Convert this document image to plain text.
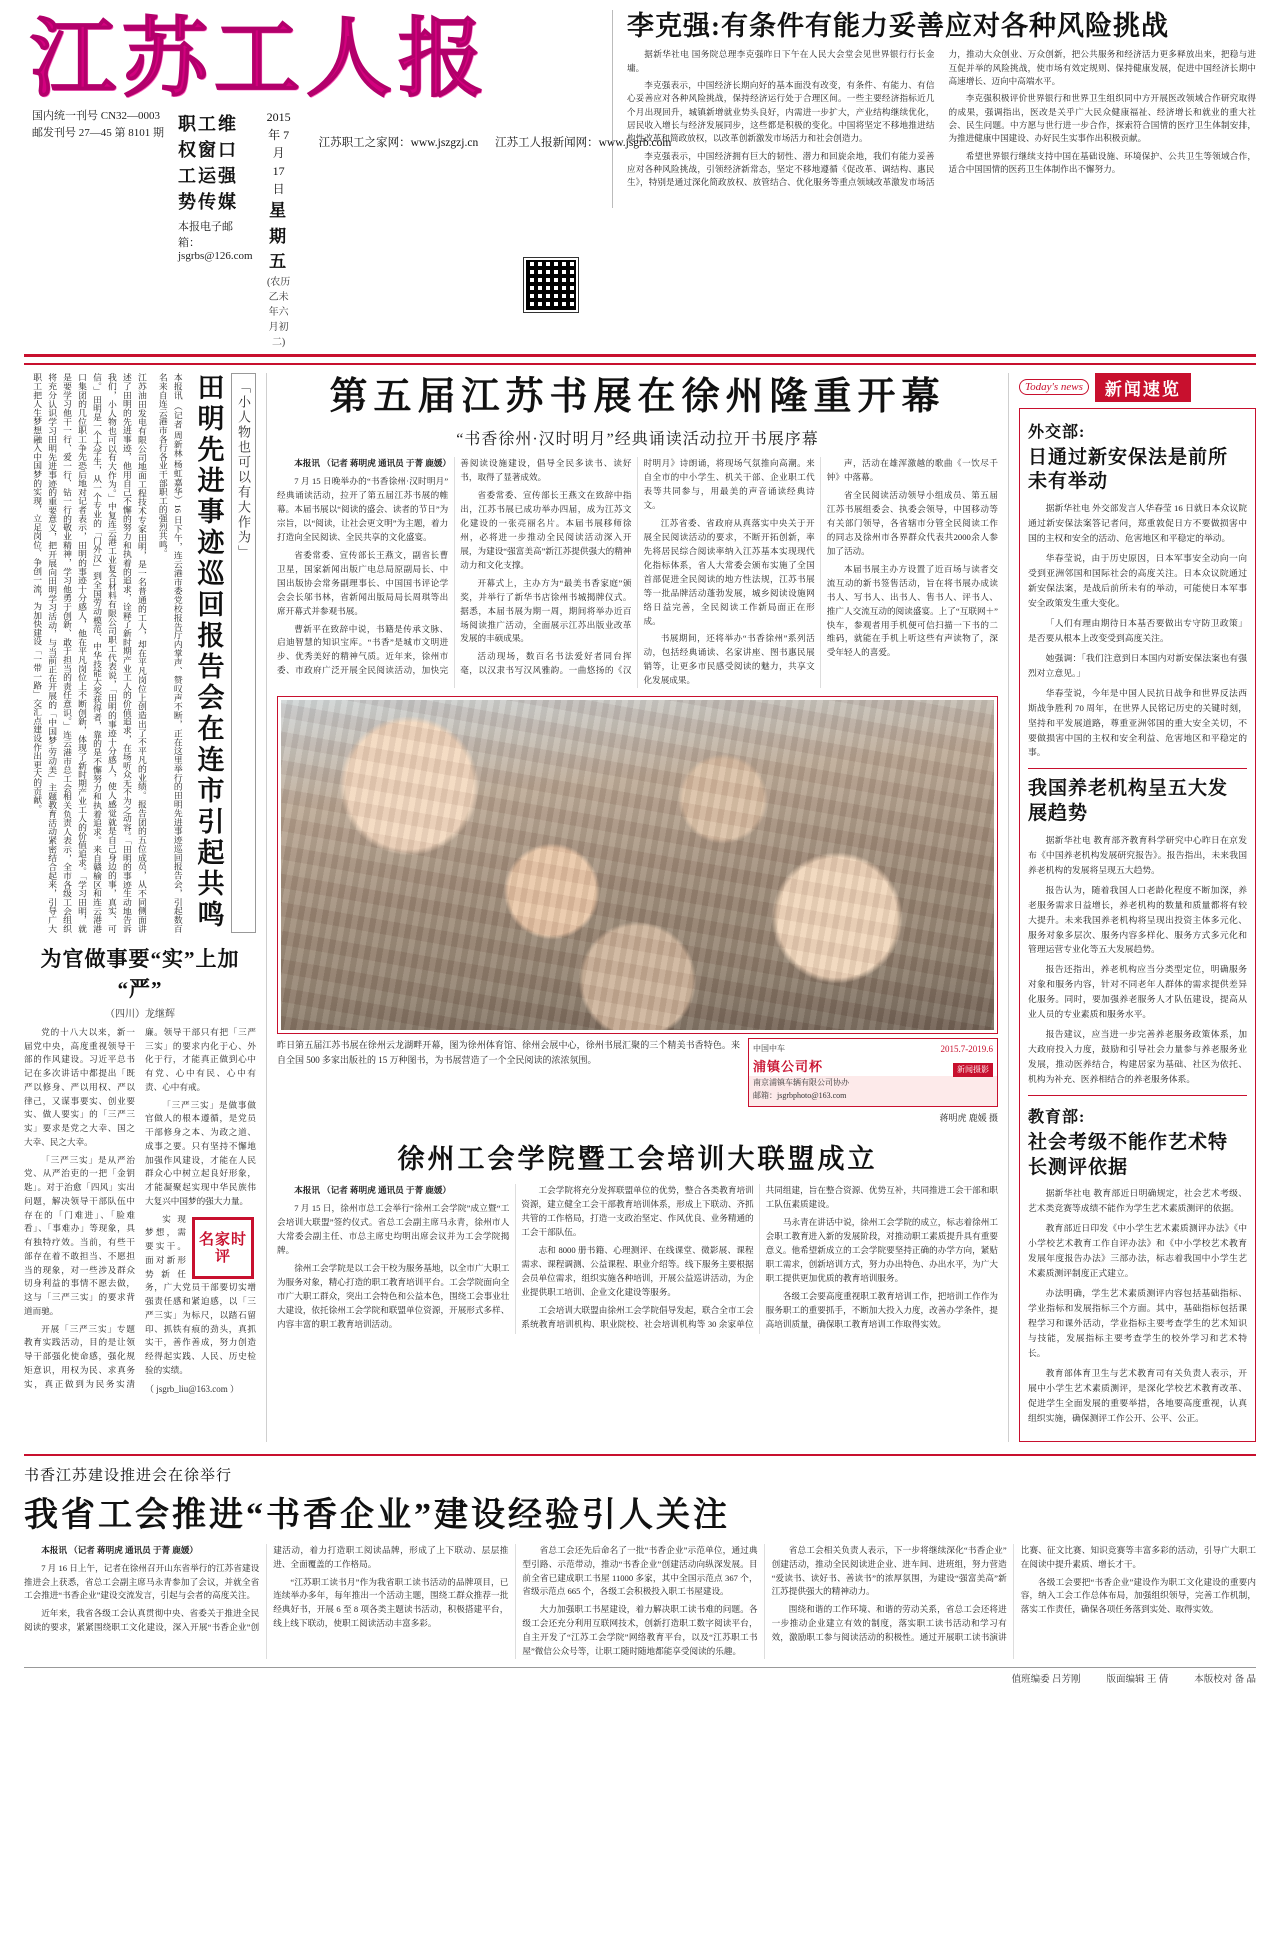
江苏工人报
国内统一刊号 CN32—0003
邮发刊号 27—45 第 8101 期 职工维权窗口 工运强势传媒
本报电子邮箱：jsgrbs@126.com
2015 年 7 月 17 日
星期五
(农历乙未年六月初二)
江苏职工之家网：www.jszgzj.cn 江苏工人报新闻网：www.jsgrb.com
李克强:有条件有能力妥善应对各种风险挑战

据新华社电 国务院总理李克强昨日下午在人民大会堂会见世界银行行长金墉。

李克强表示，中国经济长期向好的基本面没有改变，有条件、有能力、有信心妥善应对各种风险挑战，保持经济运行处于合理区间。一些主要经济指标近几个月出现回升，城镇新增就业势头良好，内需进一步扩大，产业结构继续优化，居民收入增长与经济发展同步，这些都是积极的变化。中国将坚定不移地推进结构性改革和简政放权，以改革创新激发市场活力和社会创造力。

李克强表示，中国经济拥有巨大的韧性、潜力和回旋余地，我们有能力妥善应对各种风险挑战，引领经济新常态，坚定不移地遵循《促改革、调结构、惠民生》，特别是通过深化简政放权、放管结合、优化服务等重点领域改革激发市场活力，推动大众创业、万众创新，把公共服务和经济活力更多释放出来，把稳与进互促并举的风险挑战，使市场有效定规则、保持健康发展，促进中国经济长期中高速增长、迈向中高端水平。

李克强积极评价世界银行和世界卫生组织同中方开展医改领域合作研究取得的成果，强调指出，医改是关乎广大民众健康福祉、经济增长和就业的重大社会、民生问题。中方愿与世行进一步合作，探索符合国情的医疗卫生体制安排，为推进健康中国建设、办好民生实事作出积极贡献。

希望世界银行继续支持中国在基础设施、环境保护、公共卫生等领域合作，适合中国国情的医药卫生体制作出不懈努力。

江苏油田发电有限公司地面工程技术专家田明，是一名普通的工人，却在平凡岗位上创造出了不平凡的业绩。报告团的五位成员，从不同侧面讲述了田明的先进事迹，他用自己不懈的努力和执着的追求，诠释了新时期产业工人的价值追求，在场听众无不为之动容。「田明的事迹生动地告诉我们，小人物也可以有大作为。」中复连云港工业复合材料有限公司职工代表说，「田明的事迹十分感人，使人感觉就是自己身边的事，真实、可信。」田明是一个大学生，从一个专业的「门外汉」到全国劳动模范、中华技能大奖获得者，靠的是不懈努力和执着追求。来自赣榆区和连云港港口集团的几位职工争先恐后地对记者表示，田明的事迹十分感人，他在平凡岗位上不断创新，体现了新时期产业工人的价值追求。「学习田明，就是要学习他干一行、爱一行、钻一行的敬业精神，学习他勇于创新、敢于担当的责任意识。」连云港市总工会相关负责人表示，全市各级工会组织将充分认识学习田明先进事迹的重要意义，把开展向田明学习活动，与当前正在开展的「中国梦·劳动美」主题教育活动紧密结合起来，引导广大职工把人生梦想融入中国梦的实现，立足岗位、争创一流，为加快建设「一带一路」交汇点建设作出更大的贡献。	本报讯 （记者 周新林 杨虹嘉华）16 日下午，连云港市委党校报告厅内掌声、赞叹声不断，正在这里举行的田明先进事迹巡回报告会，引起数百名来自连云港市各行各业干部职工的强烈共鸣。 田明先进事迹巡回报告会在连市引起共鸣 「小人物也可以有大作为」
为官做事要“实”上加“严”
（四川）龙继辉

党的十八大以来，新一届党中央，高度重视领导干部的作风建设。习近平总书记在多次讲话中都提出「既严以修身、严以用权、严以律己，又谋事要实、创业要实、做人要实」的「三严三实」要求是党之大幸、国之大幸、民之大幸。

「三严三实」是从严治党、从严治吏的一把「金钥匙」。对于治愈「四风」实出问题，解决领导干部队伍中存在的「门难进」、「脸难看」、「事难办」等现象，具有独特疗效。当前，有些干部存在着不敢担当、不愿担当的现象，对一些涉及群众切身利益的事情不愿去做，这与「三严三实」的要求背道而驰。

开展「三严三实」专题教育实践活动，目的是让领导干部强化使命感，强化规矩意识，用权为民、求真务实，真正做到为民务实清廉。领导干部只有把「三严三实」的要求内化于心、外化于行，才能真正做到心中有党、心中有民、心中有责、心中有戒。

「三严三实」是做事做官做人的根本遵循，是党员干部修身之本、为政之道、成事之要。只有坚持不懈地加强作风建设，才能在人民群众心中树立起良好形象，才能凝聚起实现中华民族伟大复兴中国梦的强大力量。

名家时评

实现梦想，需要实干。面对新形势新任务，广大党员干部要切实增强责任感和紧迫感，以「三严三实」为标尺，以踏石留印、抓铁有痕的劲头，真抓实干，善作善成，努力创造经得起实践、人民、历史检验的实绩。

（ jsgrb_liu@163.com ）
第五届江苏书展在徐州隆重开幕
“书香徐州·汉时明月”经典诵读活动拉开书展序幕

本报讯 （记者 蒋明虎 通讯员 于菁 鹿媛）

7 月 15 日晚举办的“书香徐州·汉时明月”经典诵读活动，拉开了第五届江苏书展的帷幕。本届书展以“阅读的盛会、读者的节日”为宗旨，以“阅读，让社会更文明”为主题，着力打造向全民阅读、全民共享的文化盛宴。

省委常委、宣传部长王燕文，副省长曹卫星，国家新闻出版广电总局原副局长、中国出版协会常务副理事长、中国国书评论学会会长邬书林，省新闻出版局局长周琪等出席开幕式并参观书展。

曹新平在致辞中说，书籍是传承文脉、启迪智慧的知识宝库。“书香”是城市文明进步、优秀美好的精神气质。近年来，徐州市委、市政府广泛开展全民阅读活动，加快完善阅读设施建设，倡导全民多读书、读好书，取得了显著成效。

省委常委、宣传部长王燕文在致辞中指出，江苏书展已成功举办四届，成为江苏文化建设的一张亮丽名片。本届书展移师徐州，必将进一步推动全民阅读活动深入开展，为建设“强富美高”新江苏提供强大的精神动力和文化支撑。

开幕式上，主办方为“最美书香家庭”颁奖，并举行了新华书店徐州书城揭牌仪式。据悉，本届书展为期一周，期间将举办近百场阅读推广活动，全面展示江苏出版业改革发展的丰硕成果。

活动现场，数百名书法爱好者同台挥毫，以汉隶书写汉风雅韵。一曲悠扬的《汉时明月》诗朗诵，将现场气氛推向高潮。来自全市的中小学生、机关干部、企业职工代表等共同参与，用最美的声音诵读经典诗文。

江苏省委、省政府从真落实中央关于开展全民阅读活动的要求，不断开拓创新，率先将居民综合阅读率纳入江苏基本实现现代化指标体系，省人大常委会颁布实施了全国首部促进全民阅读的地方性法规，江苏书展等一批品牌活动蓬勃发展，城乡阅读设施网络日益完善，全民阅读工作新局面正在形成。

书展期间，还将举办“书香徐州”系列活动，包括经典诵读、名家讲座、图书惠民展销等，让更多市民感受阅读的魅力，共享文化发展成果。

声，活动在雄浑激越的歌曲《一饮尽千钟》中落幕。

省全民阅读活动领导小组成员、第五届江苏书展组委会、执委会领导，中国移动等有关部门领导，各省辖市分管全民阅读工作的同志及徐州市各界群众代表共2000余人参加了活动。

本届书展主办方设置了近百场与读者交流互动的新书签售活动，旨在将书展办成读书人、写书人、出书人、售书人、评书人、推广人交流互动的阅读盛宴。上了“互联网＋”快车，参观者用手机便可信扫描一下书的二维码，就能在手机上听这些有声读物了，深受年轻人的喜爱。

昨日第五届江苏书展在徐州云龙湖畔开幕，图为徐州体育馆、徐州会展中心，徐州书展汇聚的三个精美书香特色。来自全国 500 多家出版社的 15 万种图书，为书展营造了一个全民阅读的浓浓氛围。
中国中车	2015.7-2019.6
浦镇公司杯	新闻摄影
南京浦镇车辆有限公司协办
邮箱：jsgrbphoto@163.com
蒋明虎 鹿媛 摄
徐州工会学院暨工会培训大联盟成立

本报讯 （记者 蒋明虎 通讯员 于菁 鹿媛）

7 月 15 日，徐州市总工会举行“徐州工会学院”成立暨“工会培训大联盟”签约仪式。省总工会副主席马永青，徐州市人大常委会副主任、市总主席史均明出席会议并为工会学院揭牌。

徐州工会学院是以工会干校为服务基地，以全市广大职工为服务对象，精心打造的职工教育培训平台。工会学院面向全市广大职工群众，突出工会特色和公益本色，围绕工会事业壮大建设，依托徐州工会学院和联盟单位资源，开展形式多样、内容丰富的职工教育培训活动。

工会学院将充分发挥联盟单位的优势，整合各类教育培训资源，建立健全工会干部教育培训体系，形成上下联动、齐抓共管的工作格局，打造一支政治坚定、作风优良、业务精通的工会干部队伍。

志和 8000 册书籍、心理测评、在线课堂、微影展、课程需求、课程调测、公益课程、职业介绍等。线下服务主要根据会员单位需求，组织实施各种培训，开展公益巡讲活动，为企业提供职工培训、企业文化建设等服务。

工会培训大联盟由徐州工会学院倡导发起，联合全市工会系统教育培训机构、职业院校、社会培训机构等 30 余家单位共同组建，旨在整合资源、优势互补，共同推进工会干部和职工队伍素质建设。

马永青在讲话中说，徐州工会学院的成立，标志着徐州工会职工教育进入新的发展阶段，对推动职工素质提升具有重要意义。他希望新成立的工会学院要坚持正确的办学方向，紧贴职工需求，创新培训方式，努力办出特色、办出水平，为广大职工提供更加优质的教育培训服务。

各级工会要高度重视职工教育培训工作，把培训工作作为服务职工的重要抓手，不断加大投入力度，改善办学条件，提高培训质量，确保职工教育培训工作取得实效。

Today's news	新闻速览
外交部:
日通过新安保法是前所未有举动

据新华社电 外交部发言人华春莹 16 日就日本众议院通过新安保法案答记者问，郑重敦促日方不要做损害中国的主权和安全的活动、危害地区和平稳定的举动。

华春莹说，由于历史原因，日本军事安全动向一向受到亚洲邻国和国际社会的高度关注。日本众议院通过新安保法案，是战后前所未有的举动，可能使日本军事安全政策发生重大变化。

「人们有理由期待日本基否要做出专守防卫政策」是否要从根本上改变受到高度关注。

她强调：「我们注意到日本国内对新安保法案也有强烈对立意见。」

华春莹说，今年是中国人民抗日战争和世界反法西斯战争胜利 70 周年，在世界人民铭记历史的关键时刻，坚持和平发展道路，尊重亚洲邻国的重大安全关切，不要做损害中国的主权和安全利益、危害地区和平稳定的事。

我国养老机构呈五大发展趋势

据新华社电 教育部齐教育科学研究中心昨日在京发布《中国养老机构发展研究报告》。报告指出，未来我国养老机构的发展将呈现五大趋势。

报告认为，随着我国人口老龄化程度不断加深，养老服务需求日益增长，养老机构的数量和质量都将有较大提升。未来我国养老机构将呈现出投资主体多元化、服务对象多层次、服务内容多样化、服务方式多元化和管理运营专业化等五大发展趋势。

报告还指出，养老机构应当分类型定位，明确服务对象和服务内容，针对不同老年人群体的需求提供差异化服务。同时，要加强养老服务人才队伍建设，提高从业人员的专业素质和服务水平。

报告建议，应当进一步完善养老服务政策体系，加大政府投入力度，鼓励和引导社会力量参与养老服务业发展，推动医养结合，构建居家为基础、社区为依托、机构为补充、医养相结合的养老服务体系。

教育部:
社会考级不能作艺术特长测评依据

据新华社电 教育部近日明确规定，社会艺术考级、艺术类竞赛等成绩不能作为学生艺术素质测评的依据。

教育部近日印发《中小学生艺术素质测评办法》《中小学校艺术教育工作自评办法》和《中小学校艺术教育发展年度报告办法》三部办法，标志着我国中小学生艺术素质测评制度正式建立。

办法明确，学生艺术素质测评内容包括基础指标、学业指标和发展指标三个方面。其中，基础指标包括课程学习和课外活动，学业指标主要考查学生的艺术知识与技能，发展指标主要考查学生的校外学习和艺术特长。

教育部体育卫生与艺术教育司有关负责人表示，开展中小学生艺术素质测评，是深化学校艺术教育改革、促进学生全面发展的重要举措，各地要高度重视，认真组织实施，确保测评工作公开、公平、公正。

书香江苏建设推进会在徐举行
我省工会推进“书香企业”建设经验引人关注

本报讯 （记者 蒋明虎 通讯员 于菁 鹿媛）

7 月 16 日上午，记者在徐州召开山东省举行的江苏省建设推进会上获悉，省总工会副主席马永青参加了会议，并就全省工会推进“书香企业”建设交流发言，引起与会者的高度关注。

近年来，我省各级工会认真贯彻中央、省委关于推进全民阅读的要求，紧紧围绕职工文化建设，深入开展“书香企业”创建活动，着力打造职工阅读品牌，形成了上下联动、层层推进、全面覆盖的工作格局。

“江苏职工读书月”作为我省职工读书活动的品牌项目，已连续举办多年，每年推出一个活动主题，围绕工群众推荐一批经典好书，开展 6 至 8 项各类主题读书活动，积极搭建平台，线上线下联动，使职工阅读活动丰富多彩。

省总工会还先后命名了一批“书香企业”示范单位，通过典型引路、示范带动，推动“书香企业”创建活动向纵深发展。目前全省已建成职工书屋 11000 多家，其中全国示范点 367 个，省级示范点 665 个，各级工会积极投入职工书屋建设。

大力加强职工书屋建设，着力解决职工读书难的问题。各级工会还充分利用互联网技术，创新打造职工数字阅读平台，自主开发了“江苏工会学院”网络教育平台，以及“江苏职工书屋”微信公众号等，让职工随时随地都能享受阅读的乐趣。

省总工会相关负责人表示，下一步将继续深化“书香企业”创建活动，推动全民阅读进企业、进车间、进班组，努力营造“爱读书、读好书、善读书”的浓厚氛围，为建设“强富美高”新江苏提供强大的精神动力。

围绕和谐的工作环境、和谐的劳动关系，省总工会还将进一步推动企业建立有效的制度，落实职工读书活动和学习有效，激励职工参与阅读活动的积极性。通过开展职工读书演讲比赛、征文比赛、知识竞赛等丰富多彩的活动，引导广大职工在阅读中提升素质、增长才干。

各级工会要把“书香企业”建设作为职工文化建设的重要内容，纳入工会工作总体布局，加强组织领导，完善工作机制，落实工作责任，确保各项任务落到实处、取得实效。

值班编委 吕芳刚	版面编辑 王 倩	本版校对 备 晶
